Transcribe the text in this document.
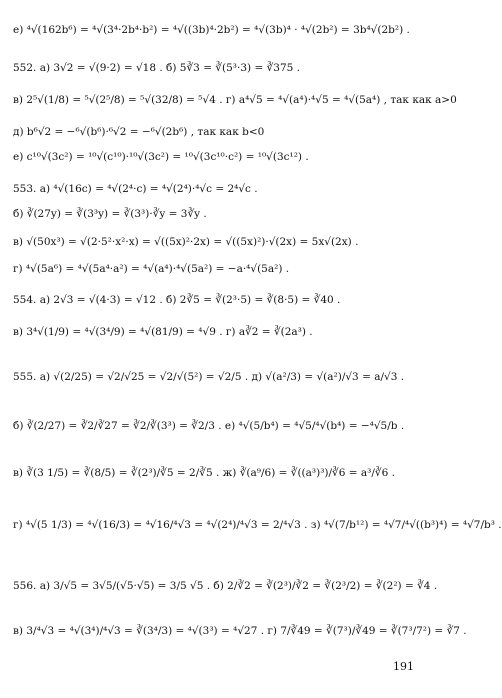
е) ⁴√(162b⁶) = ⁴√(3⁴·2b⁴·b²) = ⁴√((3b)⁴·2b²) = ⁴√(3b)⁴ · ⁴√(2b²) = 3b⁴√(2b²) .
552. а) 3√2 = √(9·2) = √18 . б) 5∛3 = ∛(5³·3) = ∛375 .
в) 2⁵√(1/8) = ⁵√(2⁵/8) = ⁵√(32/8) = ⁵√4 . г) a⁴√5 = ⁴√(a⁴)·⁴√5 = ⁴√(5a⁴) , так как a>0
д) b⁶√2 = −⁶√(b⁶)·⁶√2 = −⁶√(2b⁶) , так как b<0
е) c¹⁰√(3c²) = ¹⁰√(c¹⁰)·¹⁰√(3c²) = ¹⁰√(3c¹⁰·c²) = ¹⁰√(3c¹²) .
553. а) ⁴√(16c) = ⁴√(2⁴·c) = ⁴√(2⁴)·⁴√c = 2⁴√c .
б) ∛(27y) = ∛(3³y) = ∛(3³)·∛y = 3∛y .
в) √(50x³) = √(2·5²·x²·x) = √((5x)²·2x) = √((5x)²)·√(2x) = 5x√(2x) .
г) ⁴√(5a⁶) = ⁴√(5a⁴·a²) = ⁴√(a⁴)·⁴√(5a²) = −a·⁴√(5a²) .
554. а) 2√3 = √(4·3) = √12 . б) 2∛5 = ∛(2³·5) = ∛(8·5) = ∛40 .
в) 3⁴√(1/9) = ⁴√(3⁴/9) = ⁴√(81/9) = ⁴√9 . г) a∛2 = ∛(2a³) .
555. а) √(2/25) = √2/√25 = √2/√(5²) = √2/5 . д) √(a²/3) = √(a²)/√3 = a/√3 .
б) ∛(2/27) = ∛2/∛27 = ∛2/∛(3³) = ∛2/3 . е) ⁴√(5/b⁴) = ⁴√5/⁴√(b⁴) = −⁴√5/b .
в) ∛(3 1/5) = ∛(8/5) = ∛(2³)/∛5 = 2/∛5 . ж) ∛(a⁹/6) = ∛((a³)³)/∛6 = a³/∛6 .
г) ⁴√(5 1/3) = ⁴√(16/3) = ⁴√16/⁴√3 = ⁴√(2⁴)/⁴√3 = 2/⁴√3 . з) ⁴√(7/b¹²) = ⁴√7/⁴√((b³)⁴) = ⁴√7/b³ .
556. а) 3/√5 = 3√5/(√5·√5) = 3/5 √5 . б) 2/∛2 = ∛(2³)/∛2 = ∛(2³/2) = ∛(2²) = ∛4 .
в) 3/⁴√3 = ⁴√(3⁴)/⁴√3 = ∛(3⁴/3) = ⁴√(3³) = ⁴√27 . г) 7/∛49 = ∛(7³)/∛49 = ∛(7³/7²) = ∛7 .
191
